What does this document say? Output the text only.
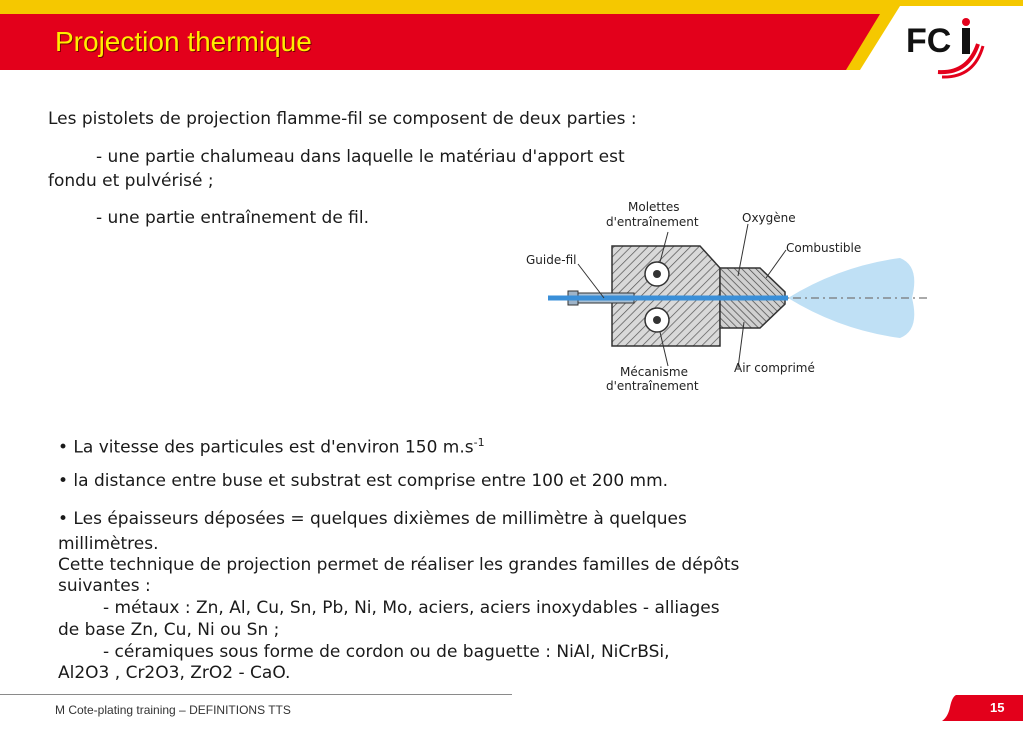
Projection thermique	FC
Les pistolets de projection flamme-fil se composent de deux parties :
- une partie chalumeau dans laquelle le matériau d'apport est
fondu et pulvérisé ;
- une partie entraînement de fil.
Molettes
d'entraînement	Oxygène
Combustible
Guide-fil
Mécanisme
d'entraînement
Air comprimé
• La vitesse des particules est d'environ 150 $m.s^{-1}$
• la distance entre buse et substrat est comprise entre 100 et 200 mm.
• Les épaisseurs déposées = quelques dixièmes de millimètre à quelques
millimètres.
Cette technique de projection permet de réaliser les grandes familles de dépôts
suivantes :
- métaux : Zn, Al, Cu, Sn, Pb, Ni, Mo, aciers, aciers inoxydables - alliages
de base Zn, Cu, Ni ou Sn ;
- céramiques sous forme de cordon ou de baguette : NiAl, NiCrBSi,
Al2O3 , Cr2O3, ZrO2 - CaO.
M Cote-plating training – DEFINITIONS TTS	15
